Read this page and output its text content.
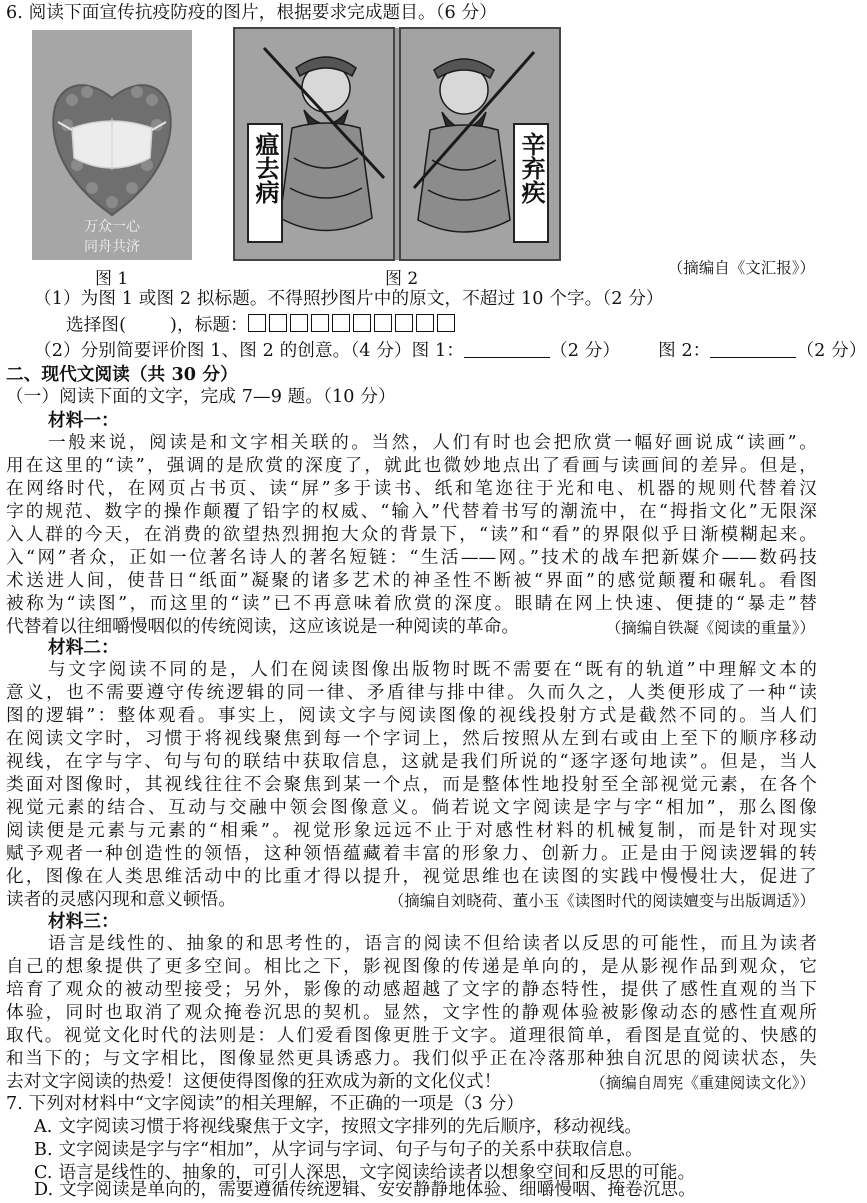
6. 阅读下面宣传抗疫防疫的图片，根据要求完成题目。（6 分）
万众一心
同舟共济
图 1
瘟去病	辛弃疾
图 2
（摘编自《文汇报》）
（1）为图 1 或图 2 拟标题。不得照抄图片中的原文，不超过 10 个字。（2 分）
选择图(	)，标题：
（2）分别简要评价图 1、图 2 的创意。（4 分）图 1：	（2 分） 图 2：	（2 分）
二、现代文阅读（共 30 分）
（一）阅读下面的文字，完成 7—9 题。（10 分）
材料一：
一般来说，阅读是和文字相关联的。当然，人们有时也会把欣赏一幅好画说成“读画”。
用在这里的“读”，强调的是欣赏的深度了，就此也微妙地点出了看画与读画间的差异。但是，
在网络时代，在网页占书页、读“屏”多于读书、纸和笔迩往于光和电、机器的规则代替着汉
字的规范、数字的操作颠覆了铅字的权威、“输入”代替着书写的潮流中，在“拇指文化”无限深
入人群的今天，在消费的欲望热烈拥抱大众的背景下，“读”和“看”的界限似乎日渐模糊起来。
入“网”者众，正如一位著名诗人的著名短链：“生活——网。”技术的战车把新媒介——数码技
术送进人间，使昔日“纸面”凝聚的诸多艺术的神圣性不断被“界面”的感觉颠覆和碾轧。看图
被称为“读图”，而这里的“读”已不再意味着欣赏的深度。眼睛在网上快速、便捷的“暴走”替
代替着以往细嚼慢咽似的传统阅读，这应该说是一种阅读的革命。	（摘编自铁凝《阅读的重量》）
材料二：
与文字阅读不同的是，人们在阅读图像出版物时既不需要在“既有的轨道”中理解文本的
意义，也不需要遵守传统逻辑的同一律、矛盾律与排中律。久而久之，人类便形成了一种“读
图的逻辑”：整体观看。事实上，阅读文字与阅读图像的视线投射方式是截然不同的。当人们
在阅读文字时，习惯于将视线聚焦到每一个字词上，然后按照从左到右或由上至下的顺序移动
视线，在字与字、句与句的联结中获取信息，这就是我们所说的“逐字逐句地读”。但是，当人
类面对图像时，其视线往往不会聚焦到某一个点，而是整体性地投射至全部视觉元素，在各个
视觉元素的结合、互动与交融中领会图像意义。倘若说文字阅读是字与字“相加”，那么图像
阅读便是元素与元素的“相乘”。视觉形象远远不止于对感性材料的机械复制，而是针对现实
赋予观者一种创造性的领悟，这种领悟蕴藏着丰富的形象力、创新力。正是由于阅读逻辑的转
化，图像在人类思维活动中的比重才得以提升，视觉思维也在读图的实践中慢慢壮大，促进了
读者的灵感闪现和意义顿悟。	（摘编自刘晓荷、董小玉《读图时代的阅读嬗变与出版调适》）
材料三：
语言是线性的、抽象的和思考性的，语言的阅读不但给读者以反思的可能性，而且为读者
自己的想象提供了更多空间。相比之下，影视图像的传递是单向的，是从影视作品到观众，它
培育了观众的被动型接受；另外，影像的动感超越了文字的静态特性，提供了感性直观的当下
体验，同时也取消了观众掩卷沉思的契机。显然，文字性的静观体验被影像动态的感性直观所
取代。视觉文化时代的法则是：人们爱看图像更胜于文字。道理很简单，看图是直觉的、快感的
和当下的；与文字相比，图像显然更具诱惑力。我们似乎正在冷落那种独自沉思的阅读状态，失
去对文字阅读的热爱！这便使得图像的狂欢成为新的文化仪式！	（摘编自周宪《重建阅读文化》）
7. 下列对材料中“文字阅读”的相关理解，不正确的一项是（3 分）
A. 文字阅读习惯于将视线聚焦于文字，按照文字排列的先后顺序，移动视线。
B. 文字阅读是字与字“相加”，从字词与字词、句子与句子的关系中获取信息。
C. 语言是线性的、抽象的，可引人深思，文字阅读给读者以想象空间和反思的可能。
D. 文字阅读是单向的，需要遵循传统逻辑、安安静静地体验、细嚼慢咽、掩卷沉思。
